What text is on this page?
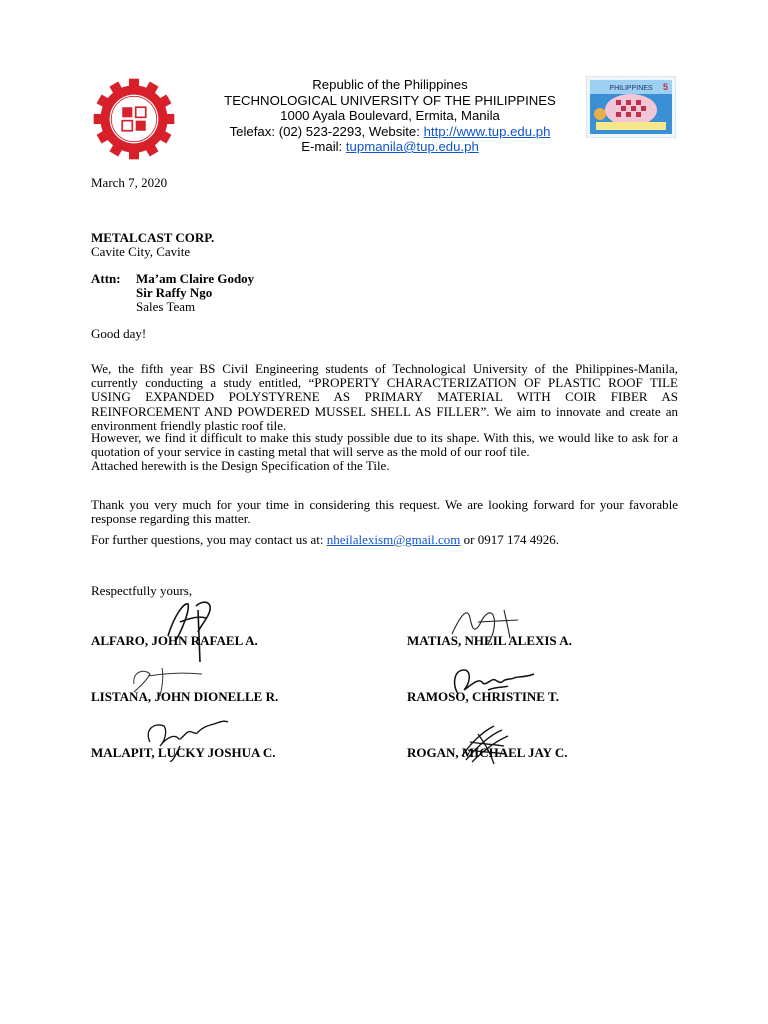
PHILIPPINES 5
Republic of the Philippines
TECHNOLOGICAL UNIVERSITY OF THE PHILIPPINES
1000 Ayala Boulevard, Ermita, Manila
Telefax: (02) 523-2293, Website: http://www.tup.edu.ph
E-mail: tupmanila@tup.edu.ph
March 7, 2020
METALCAST CORP.
Cavite City, Cavite
Attn:	Ma’am Claire Godoy
Sir Raffy Ngo
Sales Team
Good day!
We, the fifth year BS Civil Engineering students of Technological University of the Philippines-Manila, currently conducting a study entitled, “PROPERTY CHARACTERIZATION OF PLASTIC ROOF TILE USING EXPANDED POLYSTYRENE AS PRIMARY MATERIAL WITH COIR FIBER AS REINFORCEMENT AND POWDERED MUSSEL SHELL AS FILLER”. We aim to innovate and create an environment friendly plastic roof tile.
However, we find it difficult to make this study possible due to its shape. With this, we would like to ask for a quotation of your service in casting metal that will serve as the mold of our roof tile.
Attached herewith is the Design Specification of the Tile.
Thank you very much for your time in considering this request. We are looking forward for your favorable response regarding this matter.
For further questions, you may contact us at: nheilalexism@gmail.com or 0917 174 4926.
Respectfully yours,
ALFARO, JOHN RAFAEL A.	MATIAS, NHEIL ALEXIS A.
LISTANA, JOHN DIONELLE R.	RAMOSO, CHRISTINE T.
MALAPIT, LUCKY JOSHUA C.	ROGAN, MICHAEL JAY C.
